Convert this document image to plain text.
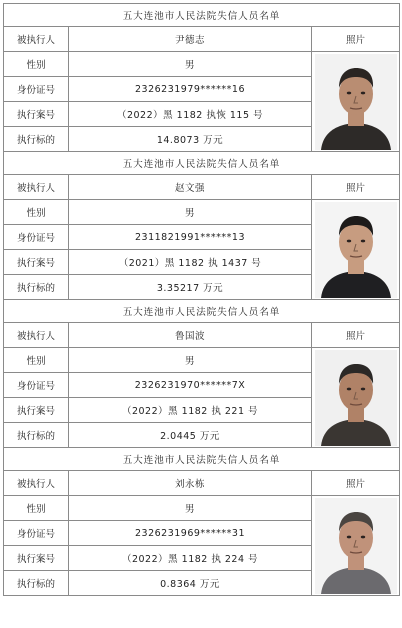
五大连池市人民法院失信人员名单		
被执行人	尹德志	照片
性别	男	

身份证号	2326231979******16	
执行案号	（2022）黑 1182 执恢 115 号	
执行标的	14.8073 万元	
五大连池市人民法院失信人员名单		
被执行人	赵文强	照片
性别	男	

身份证号	2311821991******13	
执行案号	（2021）黑 1182 执 1437 号	
执行标的	3.35217 万元	
五大连池市人民法院失信人员名单		
被执行人	鲁国波	照片
性别	男	

身份证号	2326231970******7X	
执行案号	（2022）黑 1182 执 221 号	
执行标的	2.0445 万元	
五大连池市人民法院失信人员名单		
被执行人	刘永栋	照片
性别	男	

身份证号	2326231969******31	
执行案号	（2022）黑 1182 执 224 号	
执行标的	0.8364 万元	
